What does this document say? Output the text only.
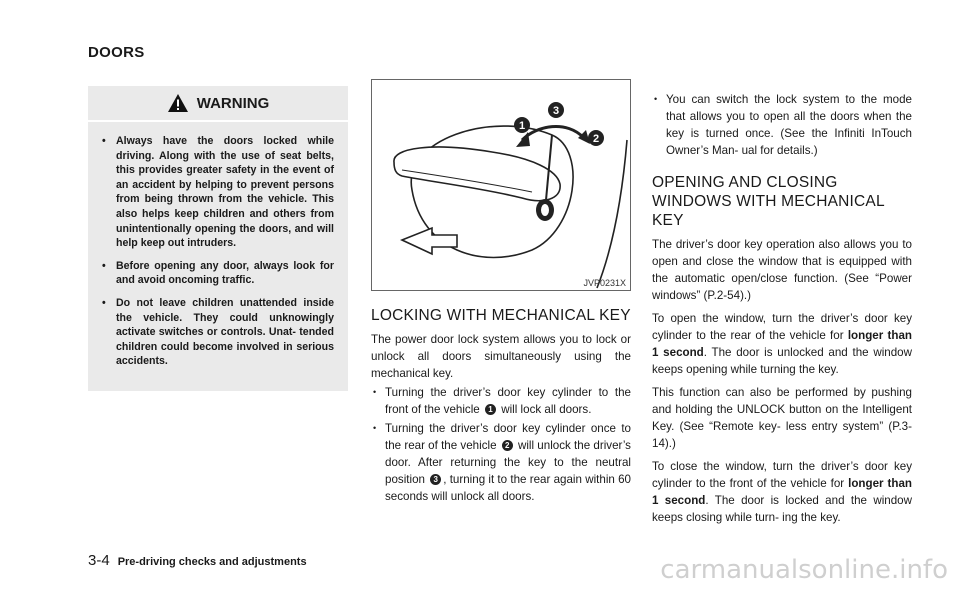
DOORS
WARNING
• Always have the doors locked while driving. Along with the use of seat belts, this provides greater safety in the event of an accident by helping to prevent persons from being thrown from the vehicle. This also helps keep children and others from unintentionally opening the doors, and will help keep out intruders.
• Before opening any door, always look for and avoid oncoming traffic.
• Do not leave children unattended inside the vehicle. They could unknowingly activate switches or controls. Unat- tended children could become involved in serious accidents.
1
3
2
JVP0231X
LOCKING WITH MECHANICAL KEY

The power door lock system allows you to lock or unlock all doors simultaneously using the mechanical key.

• Turning the driver’s door key cylinder to the front of the vehicle 1 will lock all doors.
• Turning the driver’s door key cylinder once to the rear of the vehicle 2 will unlock the driver’s door. After returning the key to the neutral position 3 , turning it to the rear again within 60 seconds will unlock all doors.
• You can switch the lock system to the mode that allows you to open all the doors when the key is turned once. (See the Infiniti InTouch Owner’s Man- ual for details.)
OPENING AND CLOSING WINDOWS WITH MECHANICAL KEY

The driver’s door key operation also allows you to open and close the window that is equipped with the automatic open/close function. (See “Power windows” (P.2-54).)

To open the window, turn the driver’s door key cylinder to the rear of the vehicle for longer than 1 second. The door is unlocked and the window keeps opening while turning the key.

This function can also be performed by pushing and holding the UNLOCK button on the Intelligent Key. (See “Remote key- less entry system” (P.3-14).)

To close the window, turn the driver’s door key cylinder to the front of the vehicle for longer than 1 second. The door is locked and the window keeps closing while turn- ing the key.

3-4 Pre-driving checks and adjustments	carmanualsonline.info
